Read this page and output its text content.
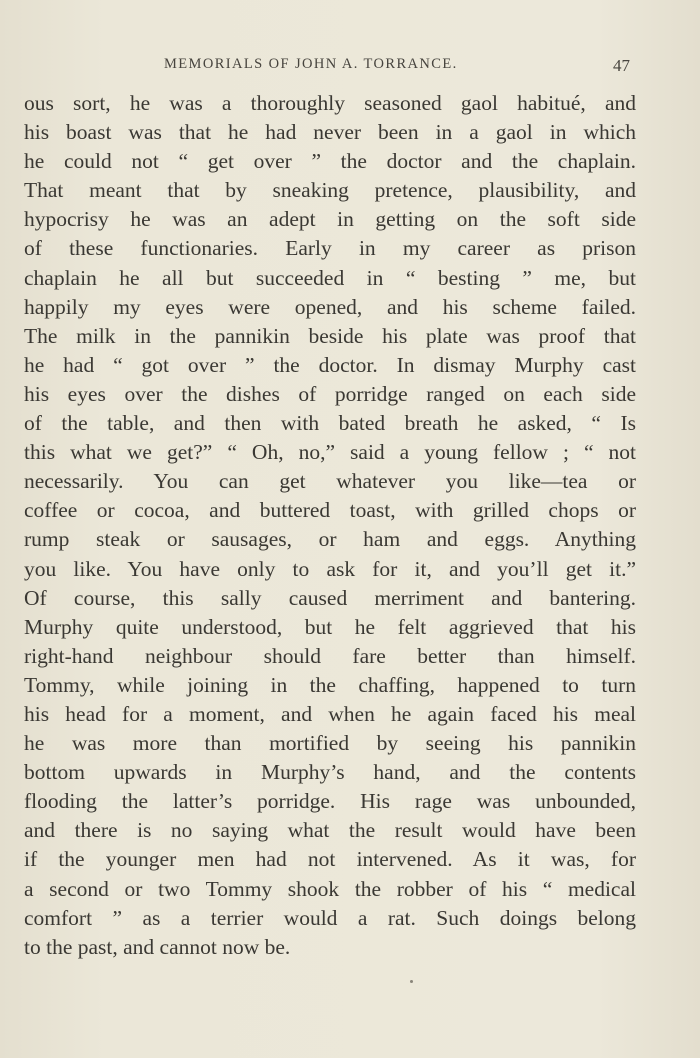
MEMORIALS OF JOHN A. TORRANCE.	47
ous sort, he was a thoroughly seasoned gaol habitué, and
his boast was that he had never been in a gaol in which
he could not “ get over ” the doctor and the chaplain.
That meant that by sneaking pretence, plausibility, and
hypocrisy he was an adept in getting on the soft side
of these functionaries. Early in my career as prison
chaplain he all but succeeded in “ besting ” me, but
happily my eyes were opened, and his scheme failed.
The milk in the pannikin beside his plate was proof that
he had “ got over ” the doctor. In dismay Murphy cast
his eyes over the dishes of porridge ranged on each side
of the table, and then with bated breath he asked, “ Is
this what we get?” “ Oh, no,” said a young fellow ; “ not
necessarily. You can get whatever you like—tea or
coffee or cocoa, and buttered toast, with grilled chops or
rump steak or sausages, or ham and eggs. Anything
you like. You have only to ask for it, and you’ll get it.”
Of course, this sally caused merriment and bantering.
Murphy quite understood, but he felt aggrieved that his
right-hand neighbour should fare better than himself.
Tommy, while joining in the chaffing, happened to turn
his head for a moment, and when he again faced his meal
he was more than mortified by seeing his pannikin
bottom upwards in Murphy’s hand, and the contents
flooding the latter’s porridge. His rage was unbounded,
and there is no saying what the result would have been
if the younger men had not intervened. As it was, for
a second or two Tommy shook the robber of his “ medical
comfort ” as a terrier would a rat. Such doings belong
to the past, and cannot now be.
